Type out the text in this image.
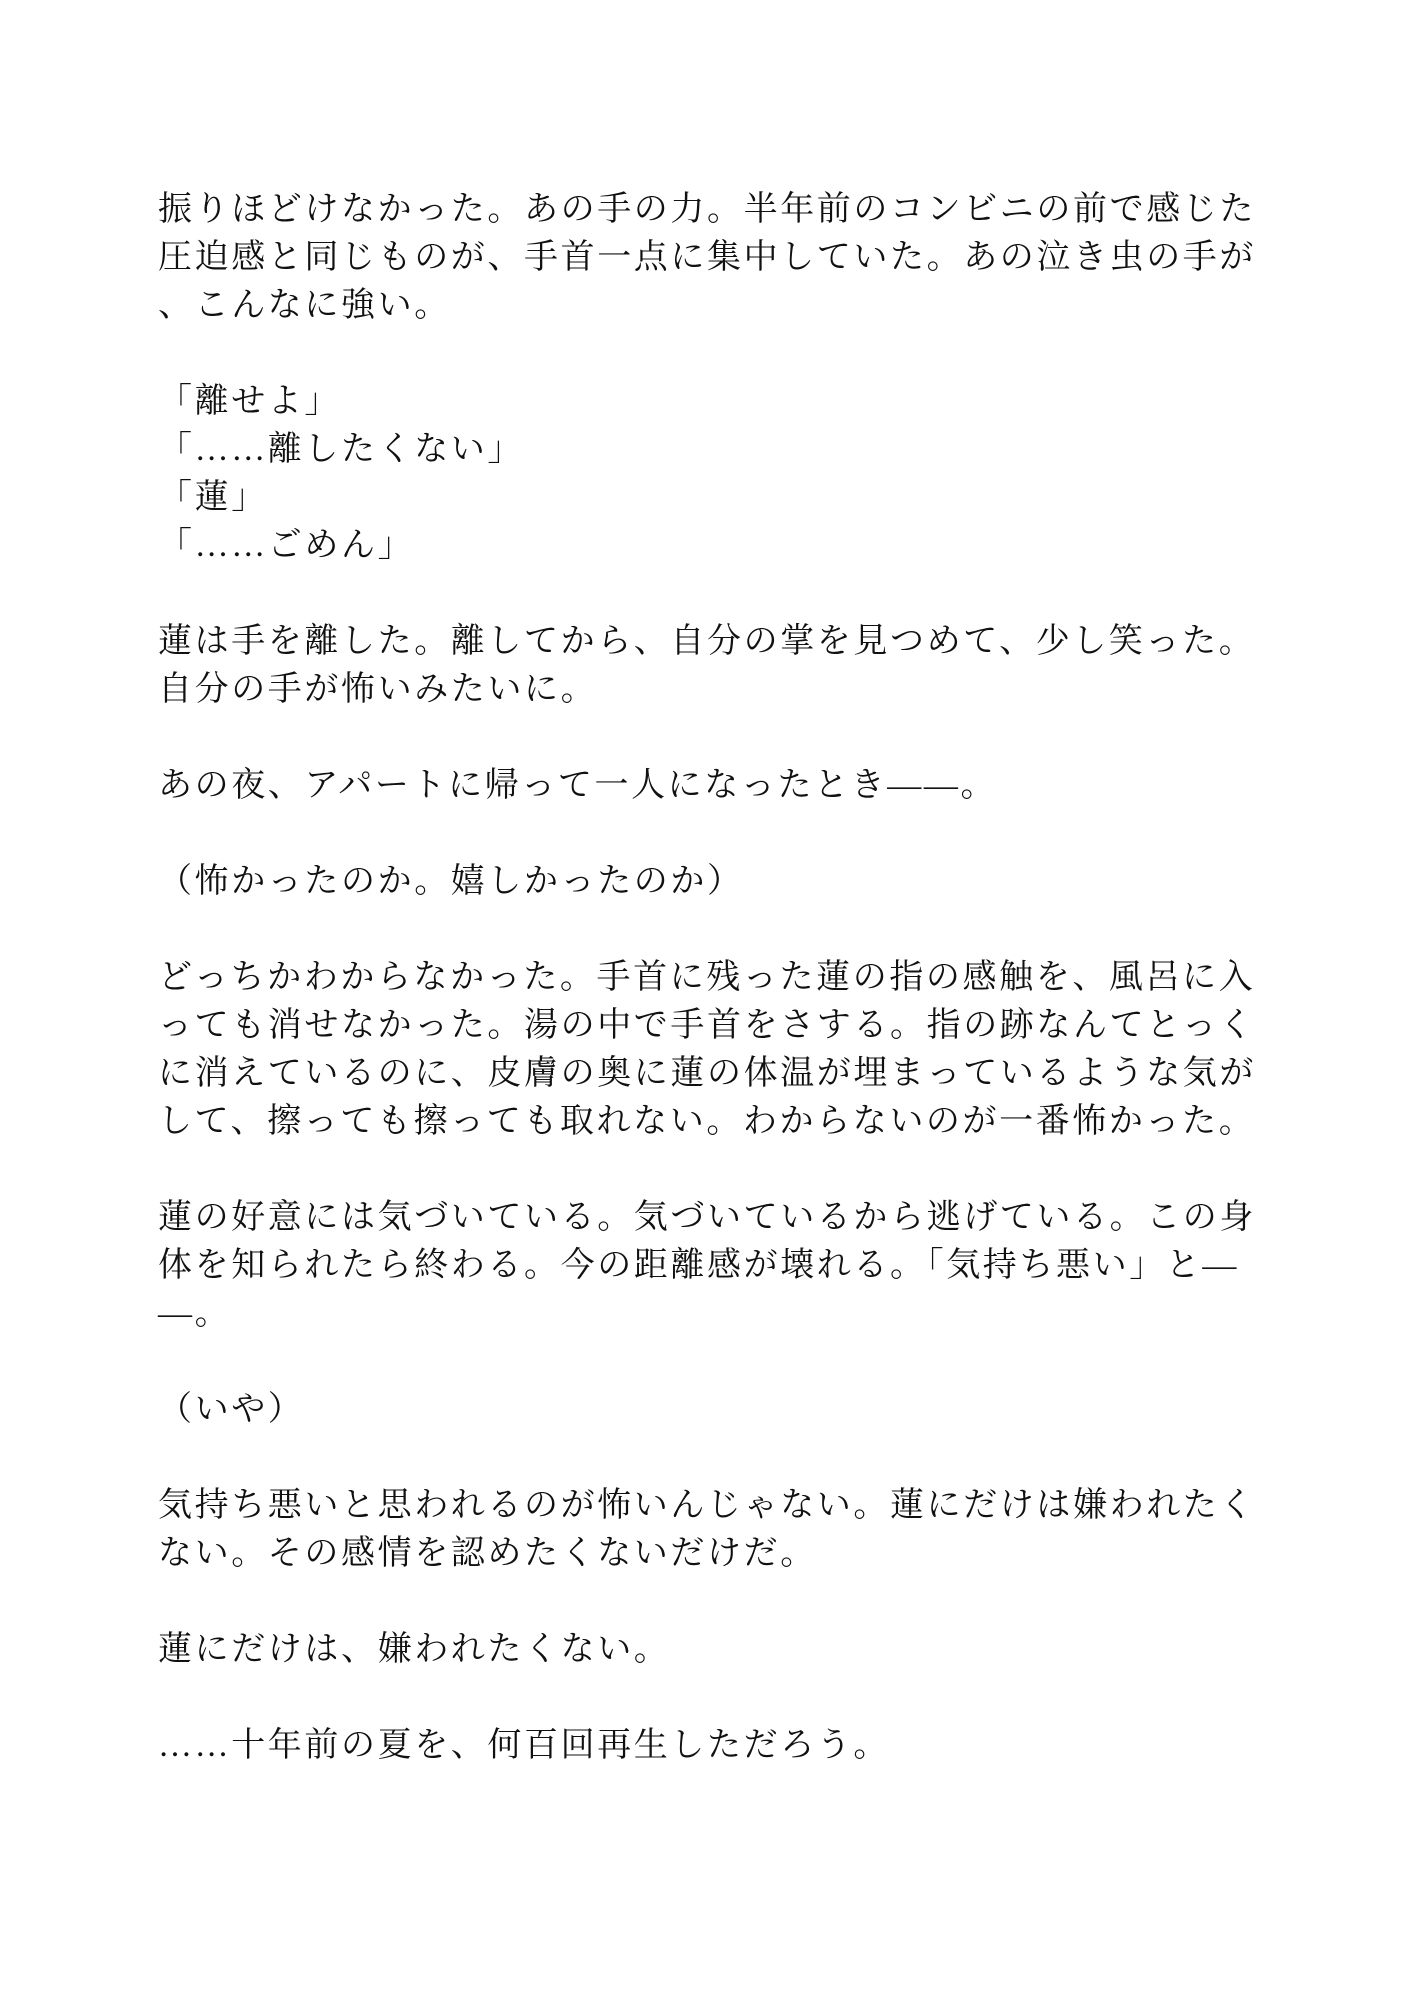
振りほどけなかった。あの手の力。半年前のコンビニの前で感じた
圧迫感と同じものが、手首一点に集中していた。あの泣き虫の手が
、こんなに強い。
「離せよ」
「……離したくない」
「蓮」
「……ごめん」
蓮は手を離した。離してから、自分の掌を見つめて、少し笑った。
自分の手が怖いみたいに。
あの夜、アパートに帰って一人になったとき――。
（怖かったのか。嬉しかったのか）
どっちかわからなかった。手首に残った蓮の指の感触を、風呂に入
っても消せなかった。湯の中で手首をさする。指の跡なんてとっく
に消えているのに、皮膚の奥に蓮の体温が埋まっているような気が
して、擦っても擦っても取れない。わからないのが一番怖かった。
蓮の好意には気づいている。気づいているから逃げている。この身
体を知られたら終わる。今の距離感が壊れる。「気持ち悪い」と―
―。
（いや）
気持ち悪いと思われるのが怖いんじゃない。蓮にだけは嫌われたく
ない。その感情を認めたくないだけだ。
蓮にだけは、嫌われたくない。
……十年前の夏を、何百回再生しただろう。
